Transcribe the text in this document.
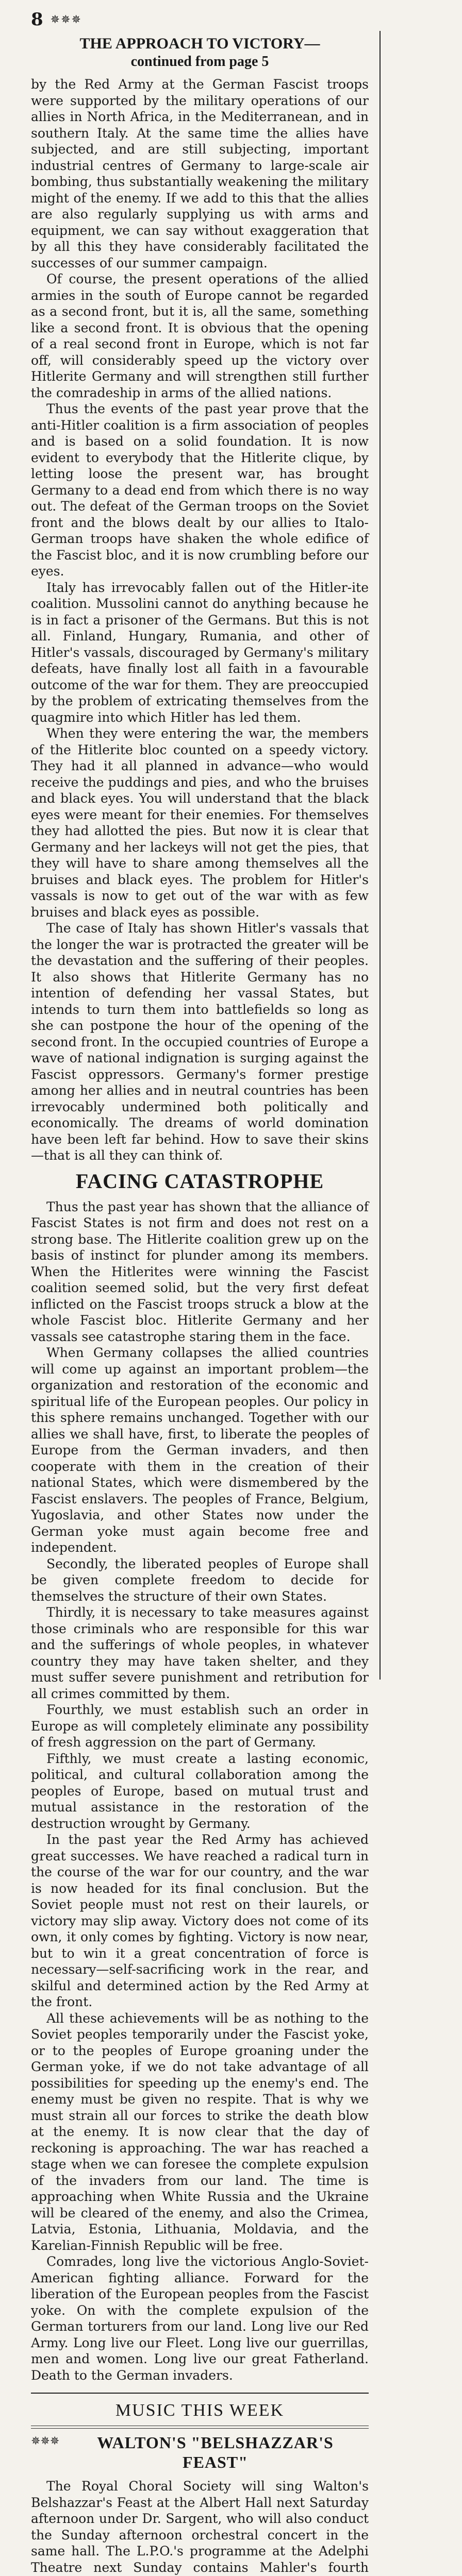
8 ✵✵✵
THE APPROACH TO VICTORY—
continued from page 5

by the Red Army at the German Fascist troops were supported by the military operations of our allies in North Africa, in the Mediterranean, and in southern Italy. At the same time the allies have subjected, and are still subjecting, important industrial centres of Germany to large-scale air bombing, thus substantially weakening the military might of the enemy. If we add to this that the allies are also regularly supplying us with arms and equipment, we can say without exaggeration that by all this they have considerably facilitated the successes of our summer campaign.

Of course, the present operations of the allied armies in the south of Europe cannot be regarded as a second front, but it is, all the same, something like a second front. It is obvious that the opening of a real second front in Europe, which is not far off, will considerably speed up the victory over Hitlerite Germany and will strengthen still further the comradeship in arms of the allied nations.

Thus the events of the past year prove that the anti-Hitler coalition is a firm association of peoples and is based on a solid foundation. It is now evident to everybody that the Hitlerite clique, by letting loose the present war, has brought Germany to a dead end from which there is no way out. The defeat of the German troops on the Soviet front and the blows dealt by our allies to Italo-German troops have shaken the whole edifice of the Fascist bloc, and it is now crumbling before our eyes.

Italy has irrevocably fallen out of the Hitler-ite coalition. Mussolini cannot do anything because he is in fact a prisoner of the Germans. But this is not all. Finland, Hungary, Rumania, and other of Hitler's vassals, discouraged by Germany's military defeats, have finally lost all faith in a favourable outcome of the war for them. They are preoccupied by the problem of extricating themselves from the quagmire into which Hitler has led them.

When they were entering the war, the members of the Hitlerite bloc counted on a speedy victory. They had it all planned in advance—who would receive the puddings and pies, and who the bruises and black eyes. You will understand that the black eyes were meant for their enemies. For themselves they had allotted the pies. But now it is clear that Germany and her lackeys will not get the pies, that they will have to share among themselves all the bruises and black eyes. The problem for Hitler's vassals is now to get out of the war with as few bruises and black eyes as possible.

The case of Italy has shown Hitler's vassals that the longer the war is protracted the greater will be the devastation and the suffering of their peoples. It also shows that Hitlerite Germany has no intention of defending her vassal States, but intends to turn them into battlefields so long as she can postpone the hour of the opening of the second front. In the occupied countries of Europe a wave of national indignation is surging against the Fascist oppressors. Germany's former prestige among her allies and in neutral countries has been irrevocably undermined both politically and economically. The dreams of world domination have been left far behind. How to save their skins—that is all they can think of.

FACING CATASTROPHE

Thus the past year has shown that the alliance of Fascist States is not firm and does not rest on a strong base. The Hitlerite coalition grew up on the basis of instinct for plunder among its members. When the Hitlerites were winning the Fascist coalition seemed solid, but the very first defeat inflicted on the Fascist troops struck a blow at the whole Fascist bloc. Hitlerite Germany and her vassals see catastrophe staring them in the face.

When Germany collapses the allied countries will come up against an important problem—the organization and restoration of the economic and spiritual life of the European peoples. Our policy in this sphere remains unchanged. Together with our allies we shall have, first, to liberate the peoples of Europe from the German invaders, and then cooperate with them in the creation of their national States, which were dismembered by the Fascist enslavers. The peoples of France, Belgium, Yugoslavia, and other States now under the German yoke must again become free and independent.

Secondly, the liberated peoples of Europe shall be given complete freedom to decide for themselves the structure of their own States.

Thirdly, it is necessary to take measures against those criminals who are responsible for this war and the sufferings of whole peoples, in whatever country they may have taken shelter, and they must suffer severe punishment and retribution for all crimes committed by them.

Fourthly, we must establish such an order in Europe as will completely eliminate any possibility of fresh aggression on the part of Germany.

Fifthly, we must create a lasting economic, political, and cultural collaboration among the peoples of Europe, based on mutual trust and mutual assistance in the restoration of the destruction wrought by Germany.

In the past year the Red Army has achieved great successes. We have reached a radical turn in the course of the war for our country, and the war is now headed for its final conclusion. But the Soviet people must not rest on their laurels, or victory may slip away. Victory does not come of its own, it only comes by fighting. Victory is now near, but to win it a great concentration of force is necessary—self-sacrificing work in the rear, and skilful and determined action by the Red Army at the front.

All these achievements will be as nothing to the Soviet peoples temporarily under the Fascist yoke, or to the peoples of Europe groaning under the German yoke, if we do not take advantage of all possibilities for speeding up the enemy's end. The enemy must be given no respite. That is why we must strain all our forces to strike the death blow at the enemy. It is now clear that the day of reckoning is approaching. The war has reached a stage when we can foresee the complete expulsion of the invaders from our land. The time is approaching when White Russia and the Ukraine will be cleared of the enemy, and also the Crimea, Latvia, Estonia, Lithuania, Moldavia, and the Karelian-Finnish Republic will be free.

Comrades, long live the victorious Anglo-Soviet-American fighting alliance. Forward for the liberation of the European peoples from the Fascist yoke. On with the complete expulsion of the German torturers from our land. Long live our Red Army. Long live our Fleet. Long live our guerrillas, men and women. Long live our great Fatherland. Death to the German invaders.

MUSIC THIS WEEK
✵✵✵	WALTON'S "BELSHAZZAR'S
FEAST"

The Royal Choral Society will sing Walton's Belshazzar's Feast at the Albert Hall next Saturday afternoon under Dr. Sargent, who will also conduct the Sunday afternoon orchestral concert in the same hall. The L.P.O.'s programme at the Adelphi Theatre next Sunday contains Mahler's fourth
